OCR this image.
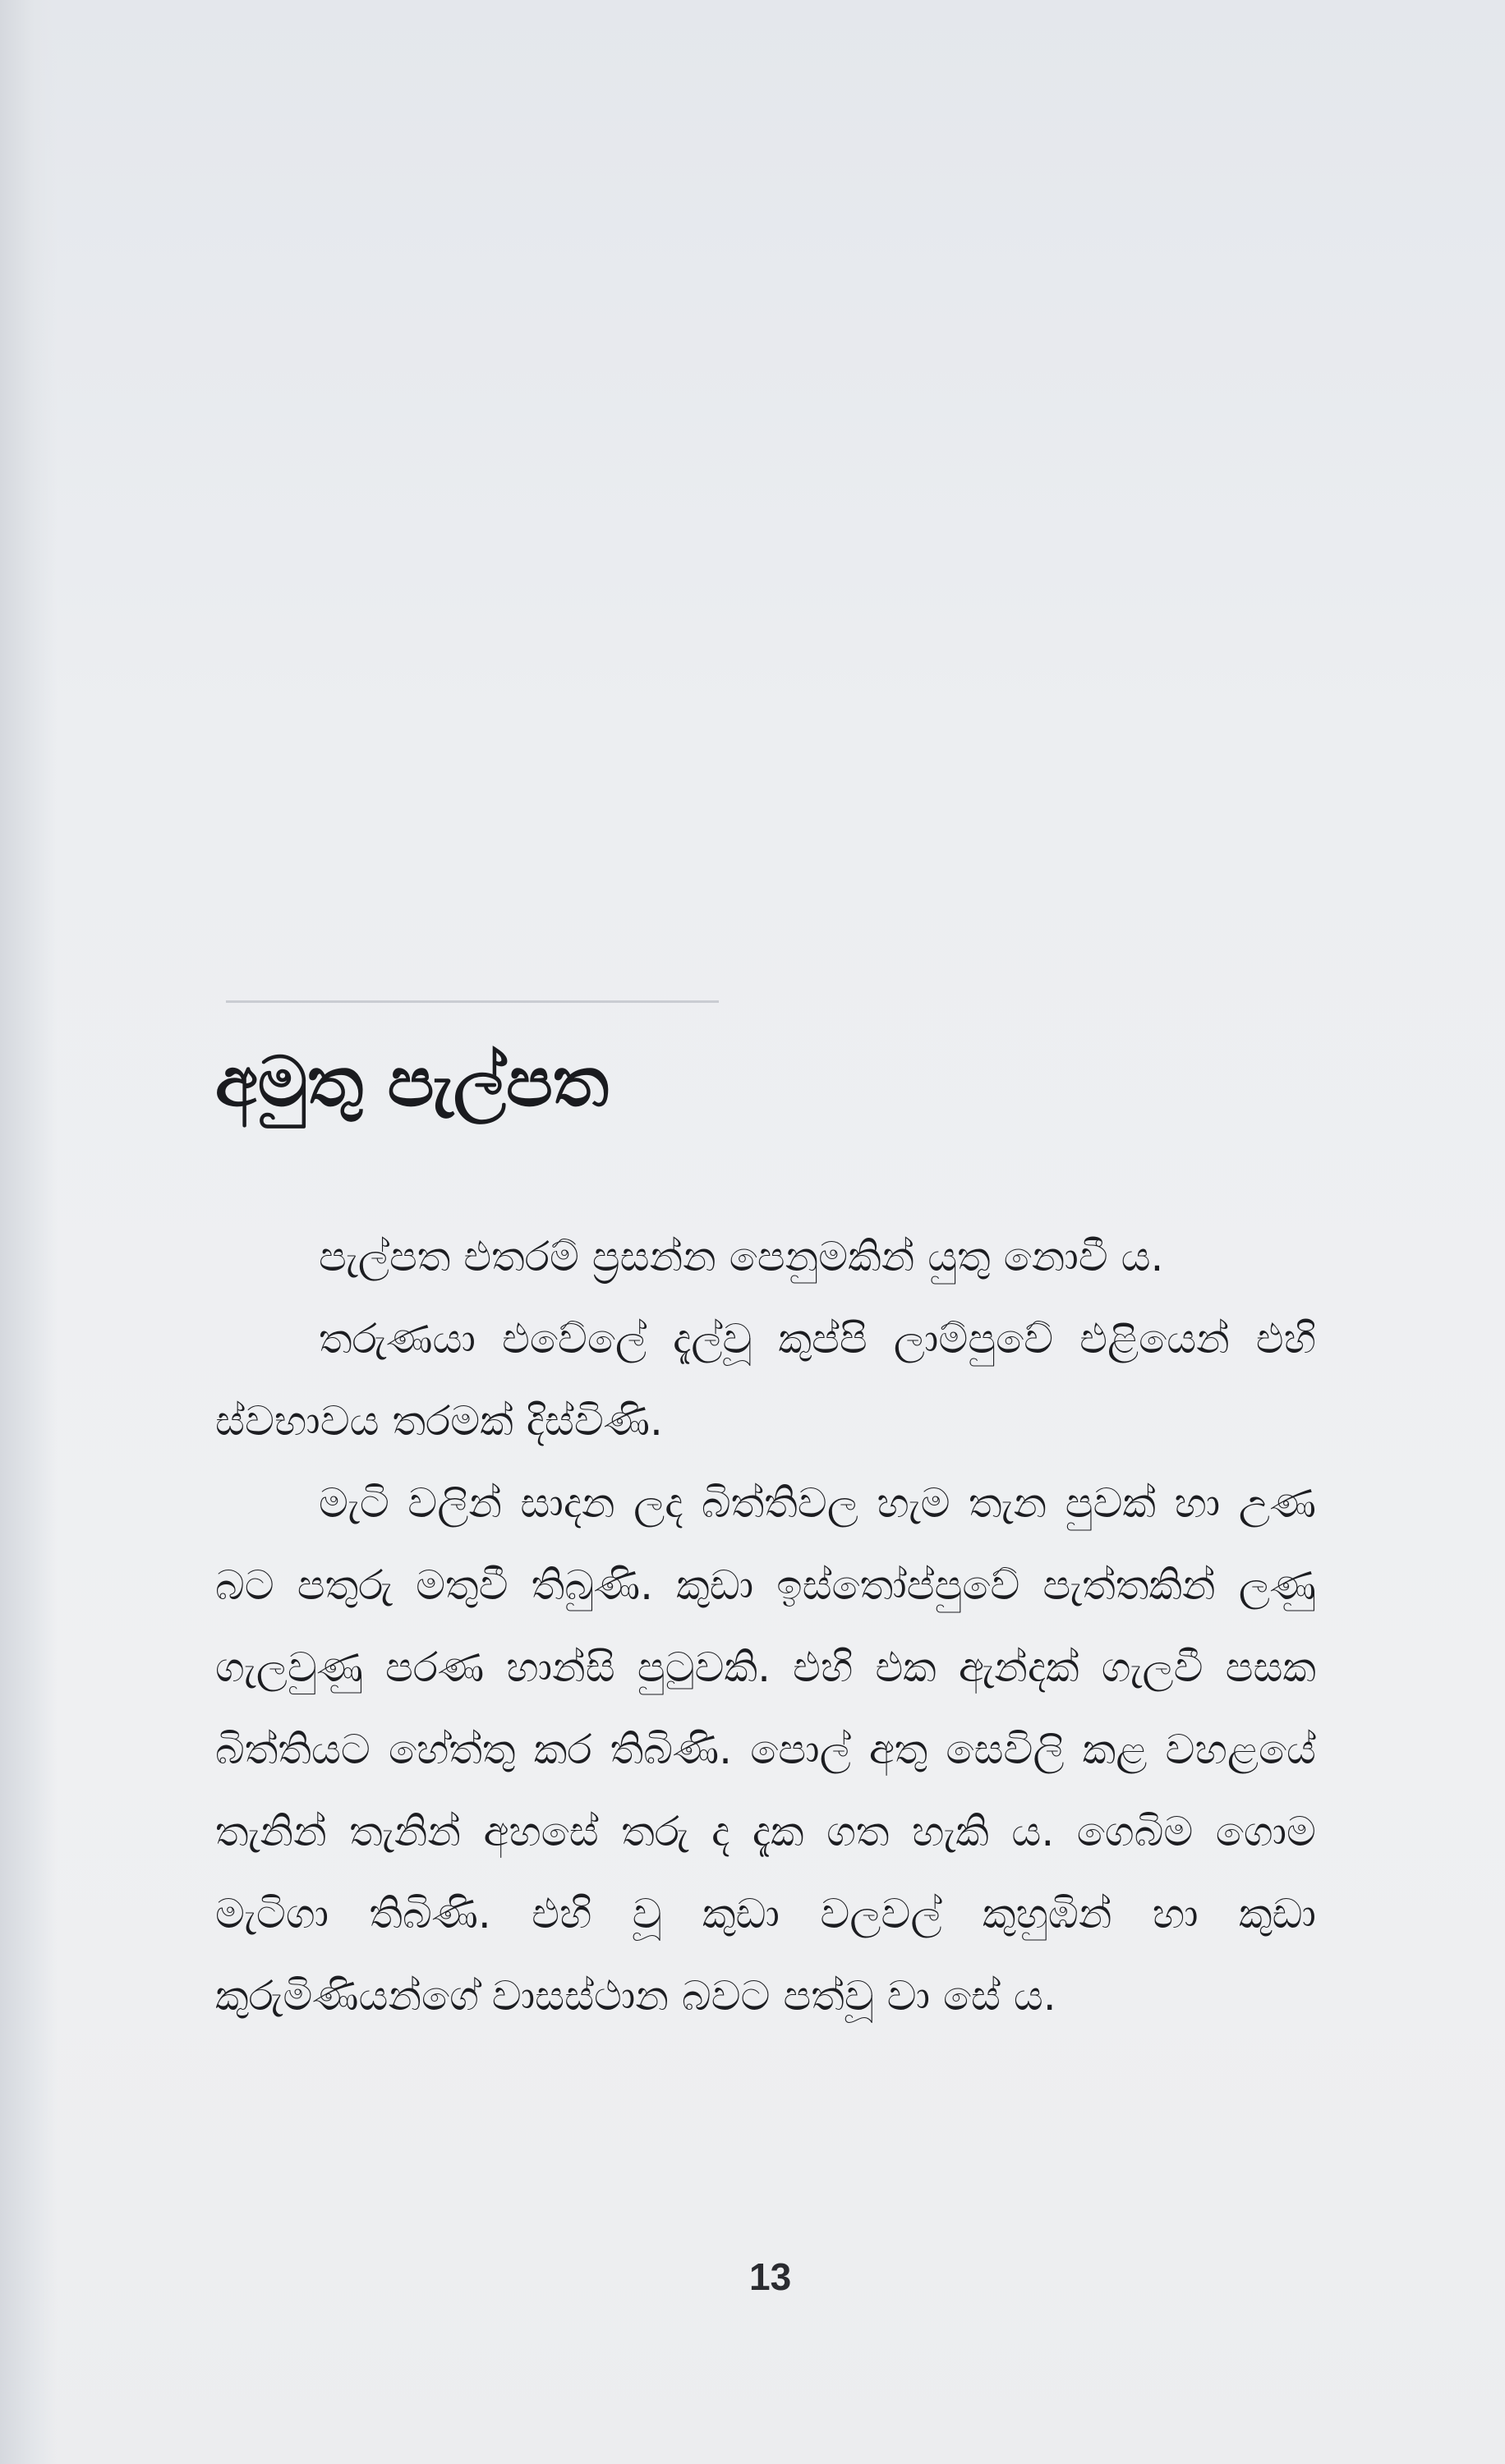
අමුතු පැල්පත

පැල්පත එතරම් ප්‍රසන්න පෙනුමකින් යුතු නොවී ය.

තරුණයා එවේලේ දැල්වූ කුප්පි ලාම්පුවේ එළියෙන් එහි ස්වභාවය තරමක් දිස්විණි.

මැටි වලින් සාදන ලද බිත්තිවල හැම තැන පුවක් හා උණ බට පතුරු මතුවී තිබුණි. කුඩා ඉස්තෝප්පුවේ පැත්තකින් ලණු ගැලවුණු පරණ හාන්සි පුටුවකි. එහි එක ඇන්දක් ගැලවී පසක බිත්තියට හේත්තු කර තිබිණි. පොල් අතු සෙවිලි කළ වහළයේ තැනින් තැනින් අහසේ තරු ද දැක ගත හැකි ය. ගෙබිම ගොම මැටිගා තිබිණි. එහි වූ කුඩා වලවල් කුහුඹින් හා කුඩා කුරුමිණියන්ගේ වාසස්ථාන බවට පත්වූ වා සේ ය.

13
